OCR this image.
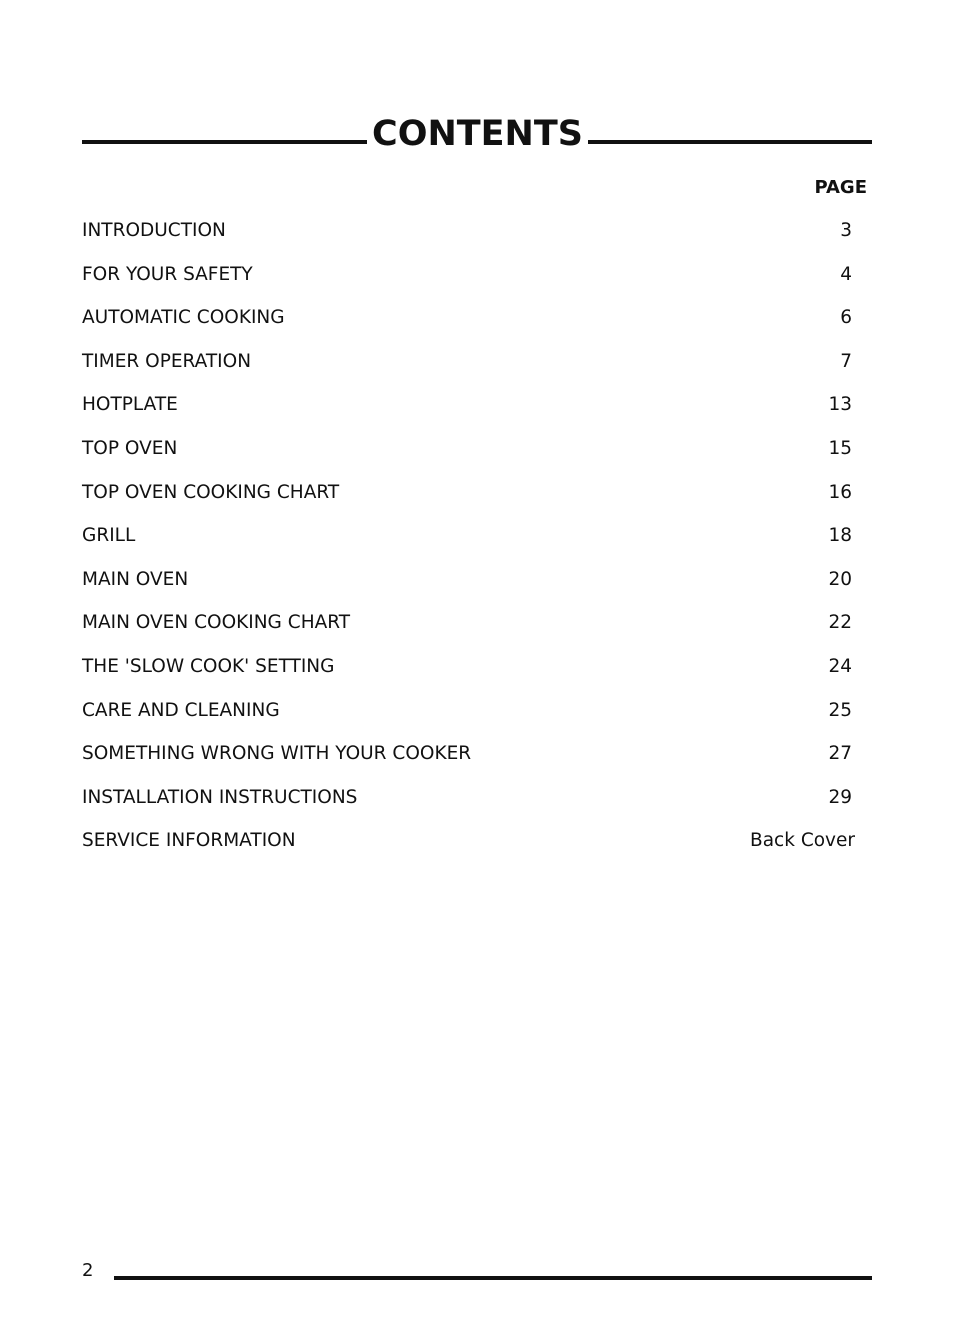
CONTENTS
PAGE
INTRODUCTION	3
FOR YOUR SAFETY	4
AUTOMATIC COOKING	6
TIMER OPERATION	7
HOTPLATE	13
TOP OVEN	15
TOP OVEN COOKING CHART	16
GRILL	18
MAIN OVEN	20
MAIN OVEN COOKING CHART	22
THE 'SLOW COOK' SETTING	24
CARE AND CLEANING	25
SOMETHING WRONG WITH YOUR COOKER	27
INSTALLATION INSTRUCTIONS	29
SERVICE INFORMATION	Back Cover
2
